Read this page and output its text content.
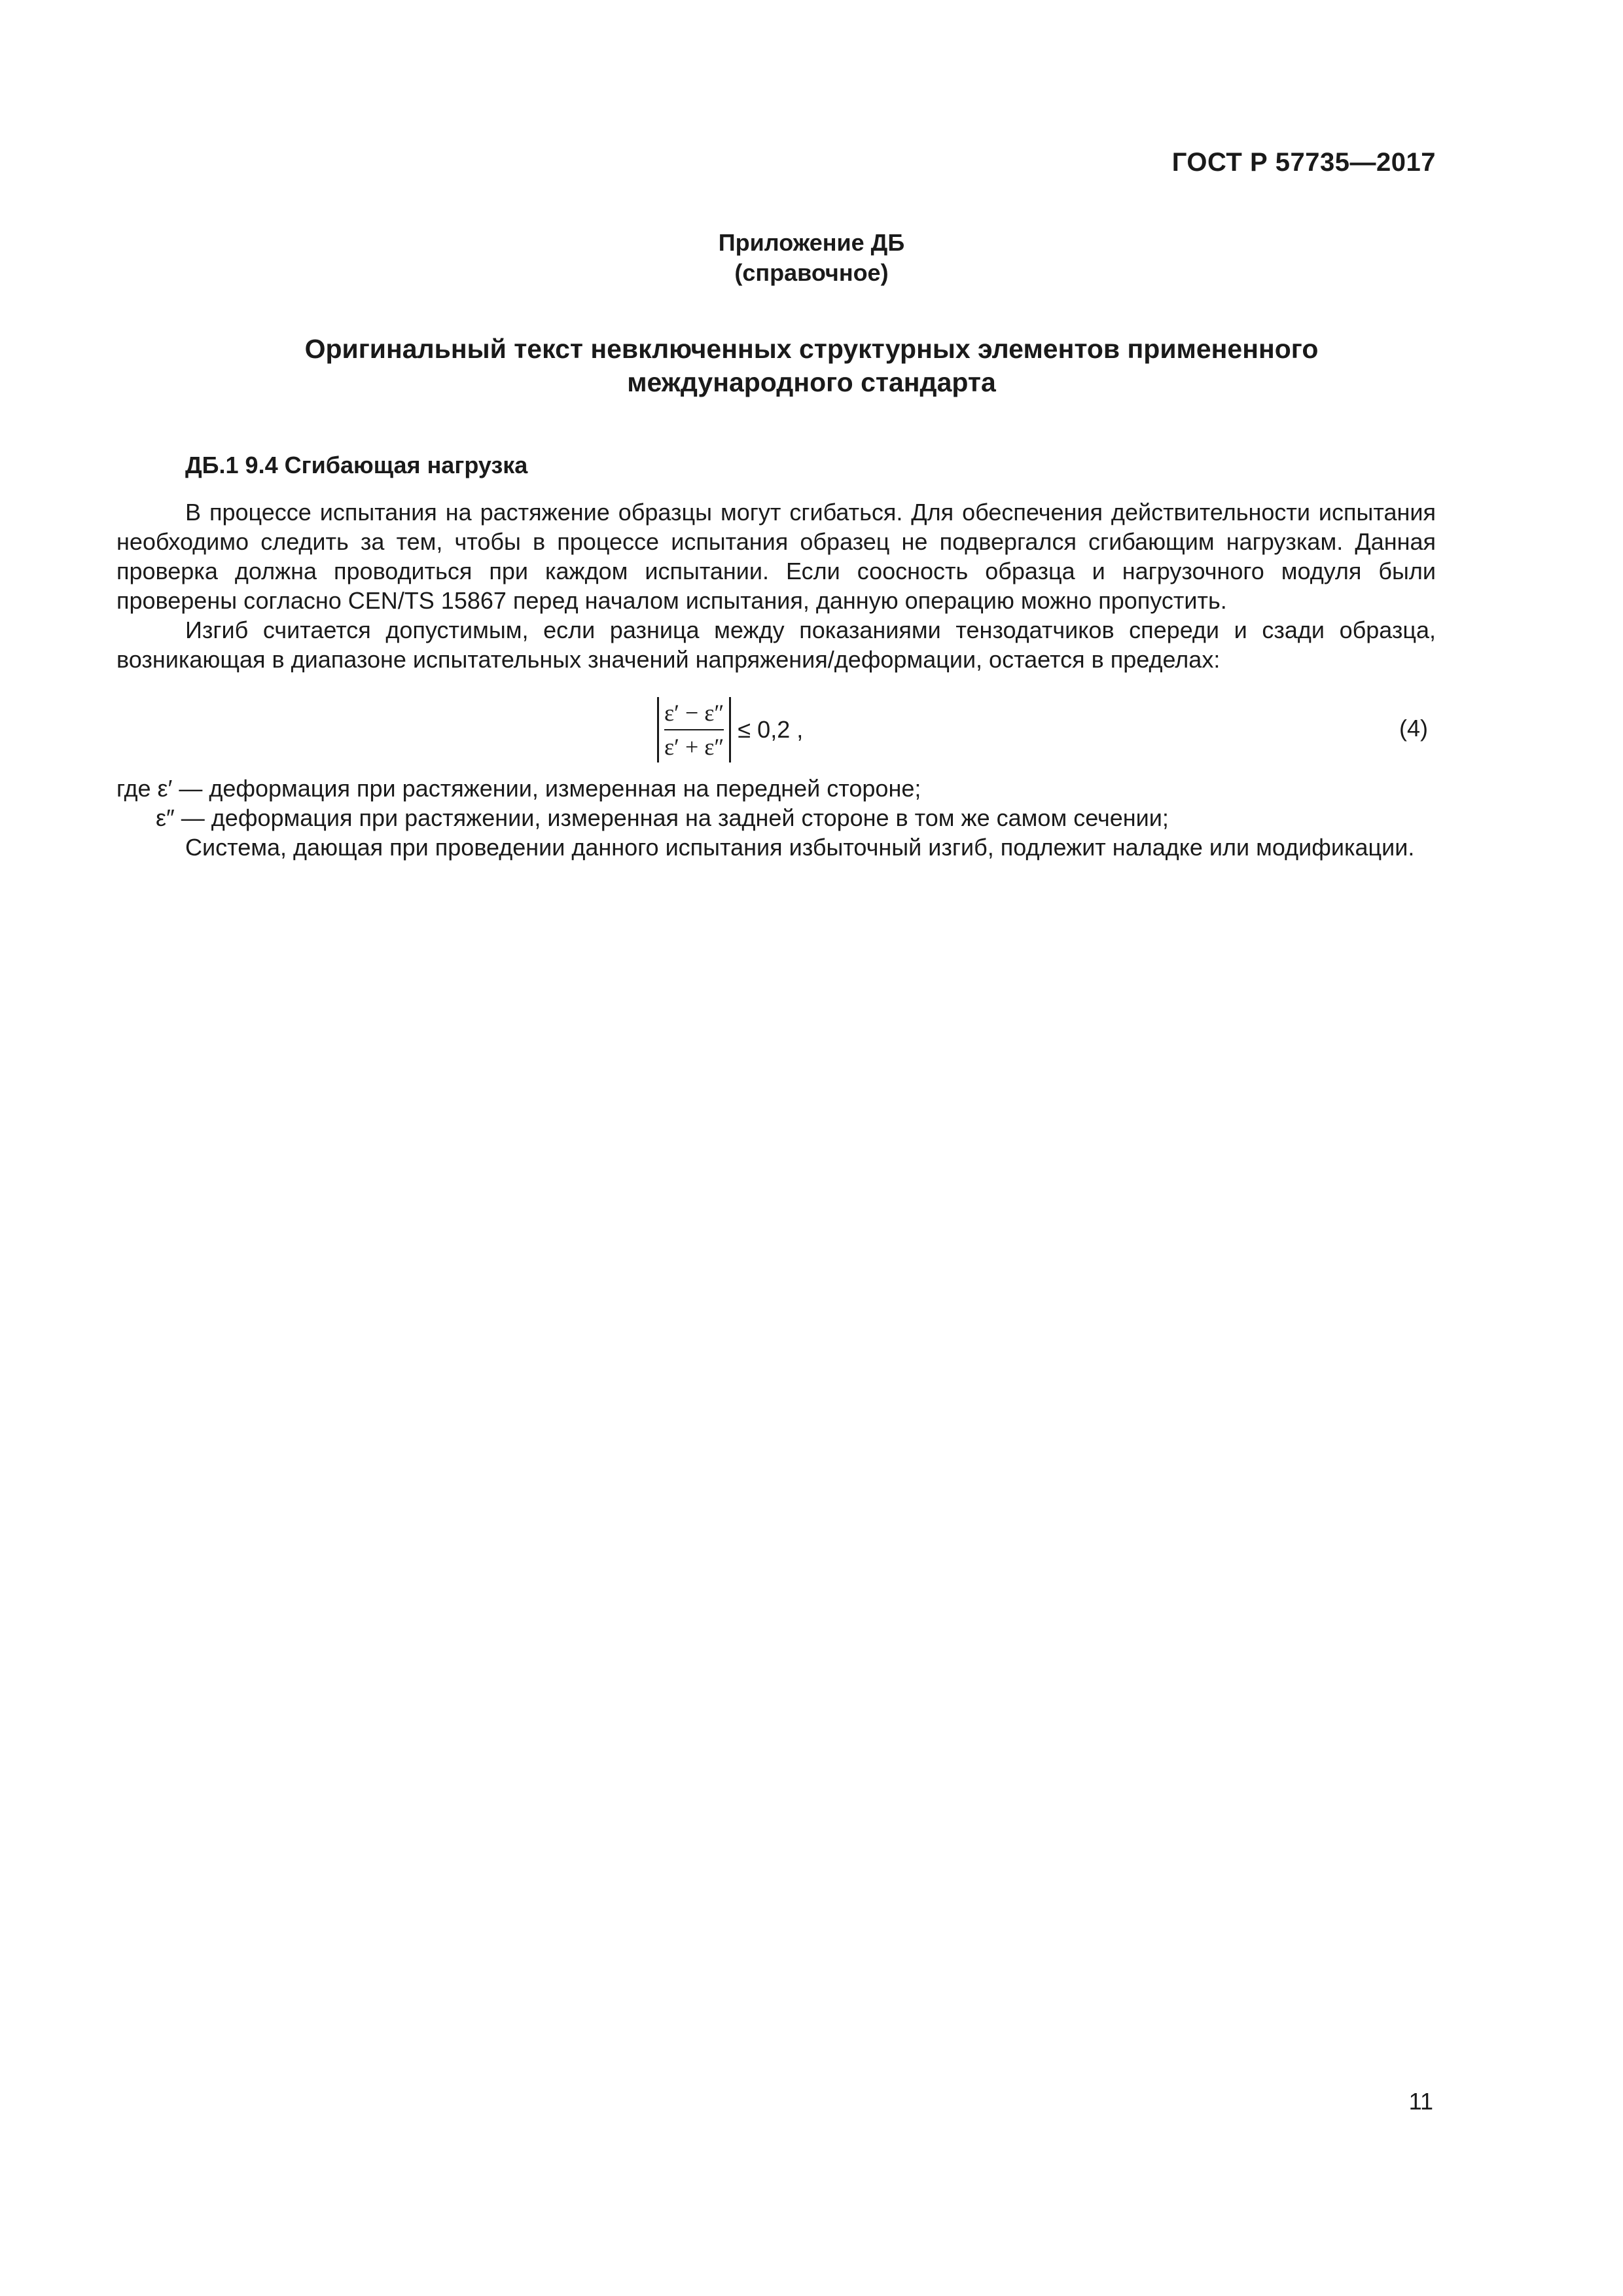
ГОСТ Р 57735—2017
Приложение ДБ
(справочное)
Оригинальный текст невключенных структурных элементов примененного
международного стандарта
ДБ.1 9.4 Сгибающая нагрузка

В процессе испытания на растяжение образцы могут сгибаться. Для обеспечения действительности испытания необходимо следить за тем, чтобы в процессе испытания образец не подвергался сгибающим нагрузкам. Данная проверка должна проводиться при каждом испытании. Если соосность образца и нагрузочного модуля были проверены согласно CEN/TS 15867 перед началом испытания, данную операцию можно пропустить.

Изгиб считается допустимым, если разница между показаниями тензодатчиков спереди и сзади образца, возникающая в диапазоне испытательных значений напряжения/деформации, остается в пределах:

$\frac{\varepsilon' - \varepsilon''}{\varepsilon' + \varepsilon''} \le 0,2$ ,	(4)

где ε′ — деформация при растяжении, измеренная на передней стороне;

ε″ — деформация при растяжении, измеренная на задней стороне в том же самом сечении;

Система, дающая при проведении данного испытания избыточный изгиб, подлежит наладке или модификации.

11
